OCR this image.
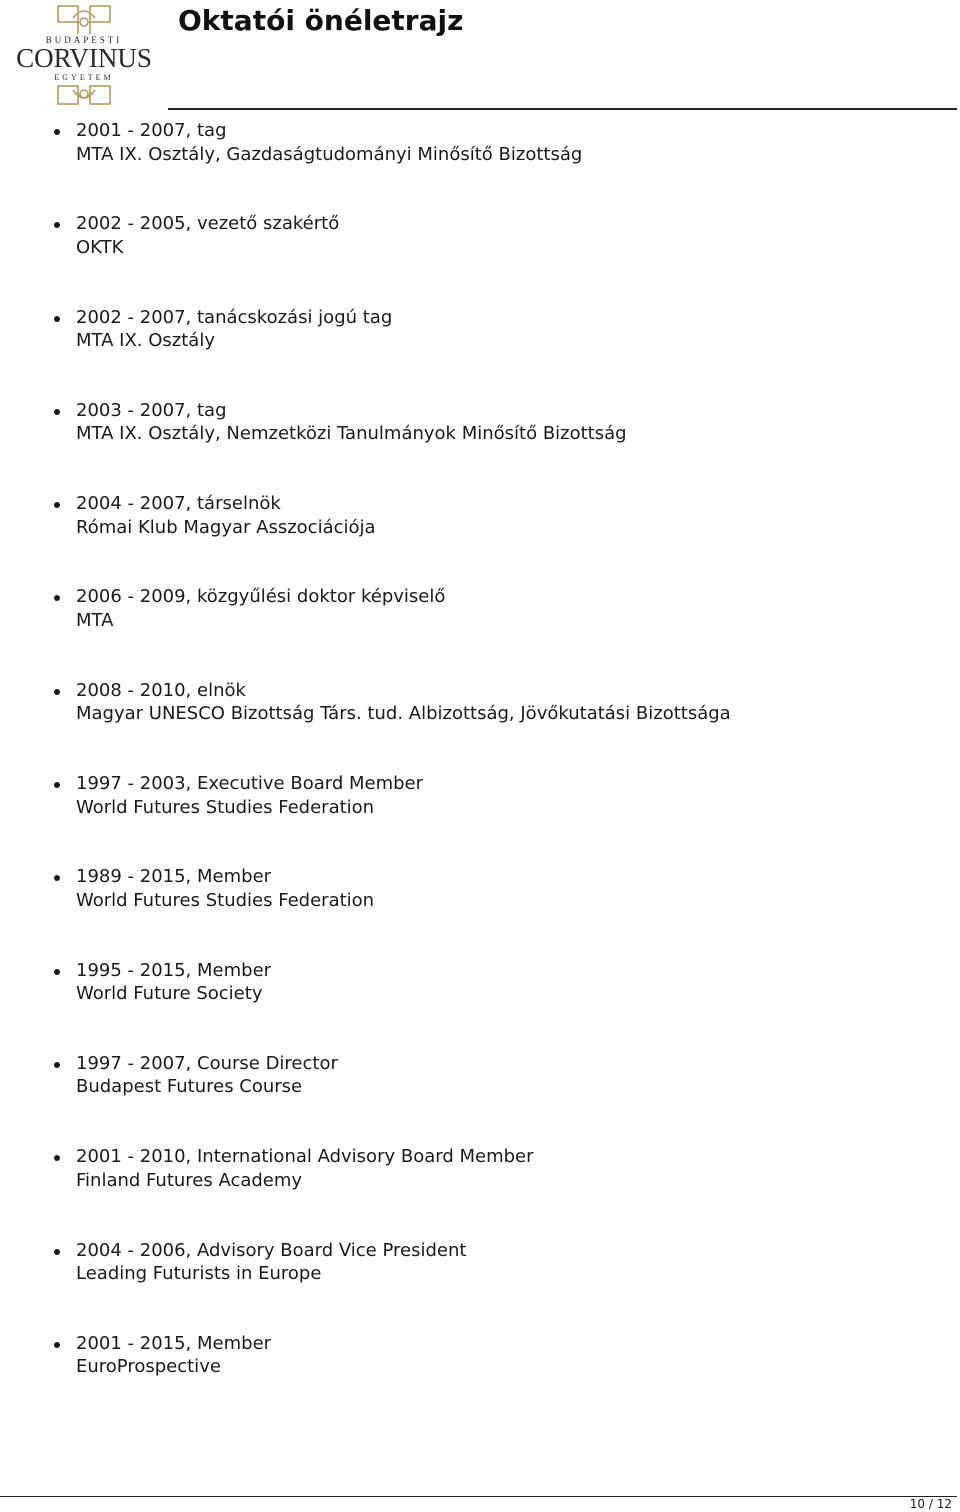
BUDAPESTI
CORVINUS
EGYETEM
Oktatói önéletrajz
2001 - 2007, tag
MTA IX. Osztály, Gazdaságtudományi Minősítő Bizottság
2002 - 2005, vezető szakértő
OKTK
2002 - 2007, tanácskozási jogú tag
MTA IX. Osztály
2003 - 2007, tag
MTA IX. Osztály, Nemzetközi Tanulmányok Minősítő Bizottság
2004 - 2007, társelnök
Római Klub Magyar Asszociációja
2006 - 2009, közgyűlési doktor képviselő
MTA
2008 - 2010, elnök
Magyar UNESCO Bizottság Társ. tud. Albizottság, Jövőkutatási Bizottsága
1997 - 2003, Executive Board Member
World Futures Studies Federation
1989 - 2015, Member
World Futures Studies Federation
1995 - 2015, Member
World Future Society
1997 - 2007, Course Director
Budapest Futures Course
2001 - 2010, International Advisory Board Member
Finland Futures Academy
2004 - 2006, Advisory Board Vice President
Leading Futurists in Europe
2001 - 2015, Member
EuroProspective
10 / 12
